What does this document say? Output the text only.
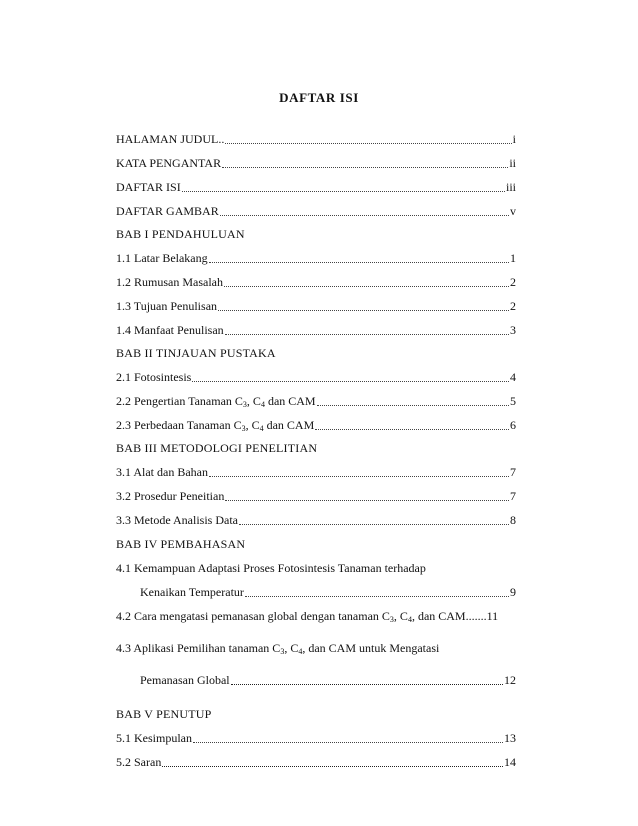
DAFTAR ISI
HALAMAN JUDUL..	i
KATA PENGANTAR	ii
DAFTAR ISI	iii
DAFTAR GAMBAR	v
BAB I PENDAHULUAN
1.1 Latar Belakang	1
1.2 Rumusan Masalah	2
1.3 Tujuan Penulisan	2
1.4 Manfaat Penulisan	3
BAB II TINJAUAN PUSTAKA
2.1 Fotosintesis	4
2.2 Pengertian Tanaman $C_3$, $C_4$ dan CAM	5
2.3 Perbedaan Tanaman $C_3$, $C_4$ dan CAM	6
BAB III METODOLOGI PENELITIAN
3.1 Alat dan Bahan	7
3.2 Prosedur Peneitian	7
3.3 Metode Analisis Data	8
BAB IV PEMBAHASAN
4.1 Kemampuan Adaptasi Proses Fotosintesis Tanaman terhadap
Kenaikan Temperatur	9
4.2 Cara mengatasi pemanasan global dengan tanaman $C_3$, $C_4$, dan CAM....... 11
4.3 Aplikasi Pemilihan tanaman $C_3$, $C_4$, dan CAM untuk Mengatasi
Pemanasan Global	12
BAB V PENUTUP
5.1 Kesimpulan	13
5.2 Saran	14
